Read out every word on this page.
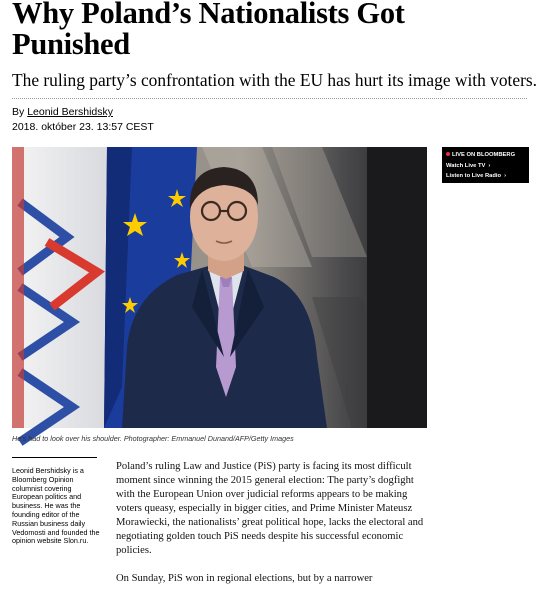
Why Poland’s Nationalists Got Punished
The ruling party’s confrontation with the EU has hurt its image with voters.
By Leonid Bershidsky
2018. október 23. 13:57 CEST
LIVE ON BLOOMBERG
Watch Live TV ›
Listen to Live Radio ›
He’s had to look over his shoulder. Photographer: Emmanuel Dunand/AFP/Getty Images
Leonid Bershidsky is a Bloomberg Opinion columnist covering European politics and business. He was the founding editor of the Russian business daily Vedomosti and founded the opinion website Slon.ru.

Poland’s ruling Law and Justice (PiS) party is facing its most difficult moment since winning the 2015 general election: The party’s dogfight with the European Union over judicial reforms appears to be making voters queasy, especially in bigger cities, and Prime Minister Mateusz Morawiecki, the nationalists’ great political hope, lacks the electoral and negotiating golden touch PiS needs despite his successful economic policies.

On Sunday, PiS won in regional elections, but by a narrower
